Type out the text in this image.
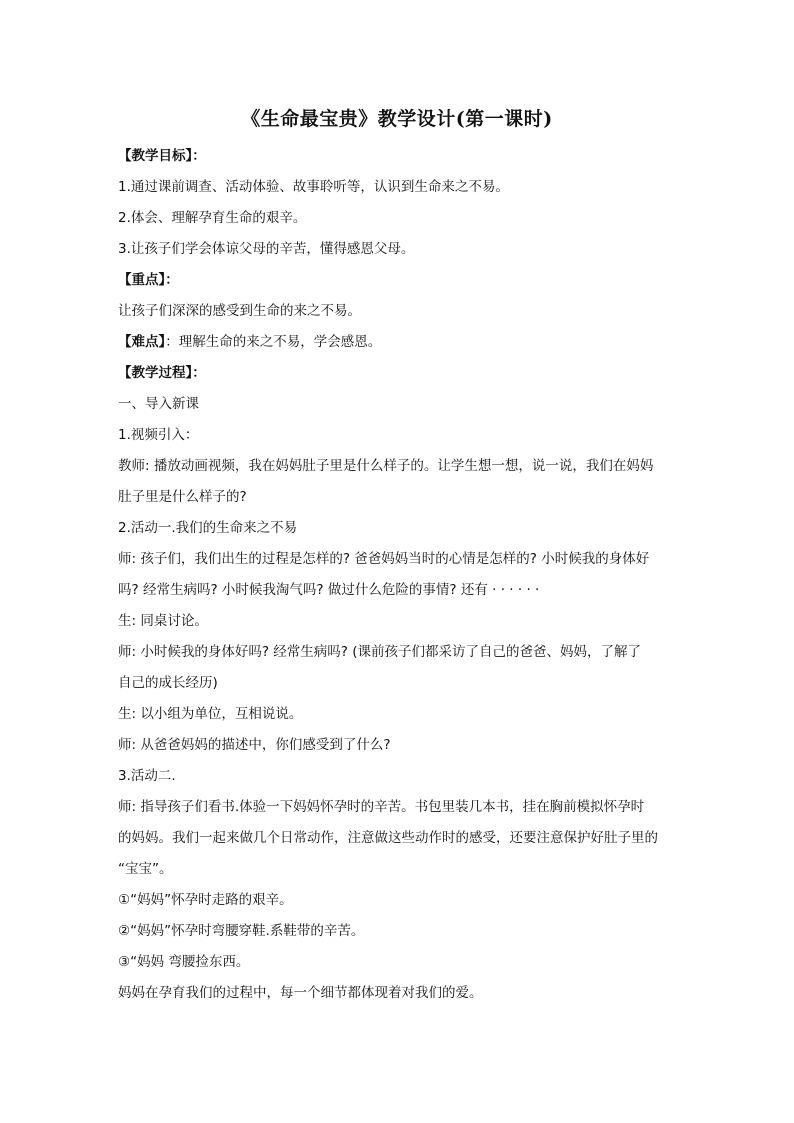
《生命最宝贵》教学设计(第一课时)
【教学目标】：
1.通过课前调查、活动体验、故事聆听等，认识到生命来之不易。
2.体会、理解孕育生命的艰辛。
3.让孩子们学会体谅父母的辛苦，懂得感恩父母。
【重点】：
让孩子们深深的感受到生命的来之不易。
【难点】：理解生命的来之不易，学会感恩。
【教学过程】：
一、导入新课
1.视频引入：
教师: 播放动画视频，我在妈妈肚子里是什么样子的。让学生想一想，说一说，我们在妈妈
肚子里是什么样子的?
2.活动一.我们的生命来之不易
师: 孩子们，我们出生的过程是怎样的? 爸爸妈妈当时的心情是怎样的? 小时候我的身体好
吗? 经常生病吗? 小时候我淘气吗? 做过什么危险的事情? 还有 · · · · · ·
生: 同桌讨论。
师: 小时候我的身体好吗? 经常生病吗? (课前孩子们都采访了自己的爸爸、妈妈，了解了
自己的成长经历)
生: 以小组为单位，互相说说。
师: 从爸爸妈妈的描述中，你们感受到了什么?
3.活动二.
师: 指导孩子们看书.体验一下妈妈怀孕时的辛苦。书包里装几本书，挂在胸前模拟怀孕时
的妈妈。我们一起来做几个日常动作，注意做这些动作时的感受，还要注意保护好肚子里的
“宝宝”。
①“妈妈”怀孕时走路的艰辛。
②“妈妈”怀孕时弯腰穿鞋.系鞋带的辛苦。
③“妈妈 弯腰捡东西。
妈妈在孕育我们的过程中，每一个细节都体现着对我们的爱。
